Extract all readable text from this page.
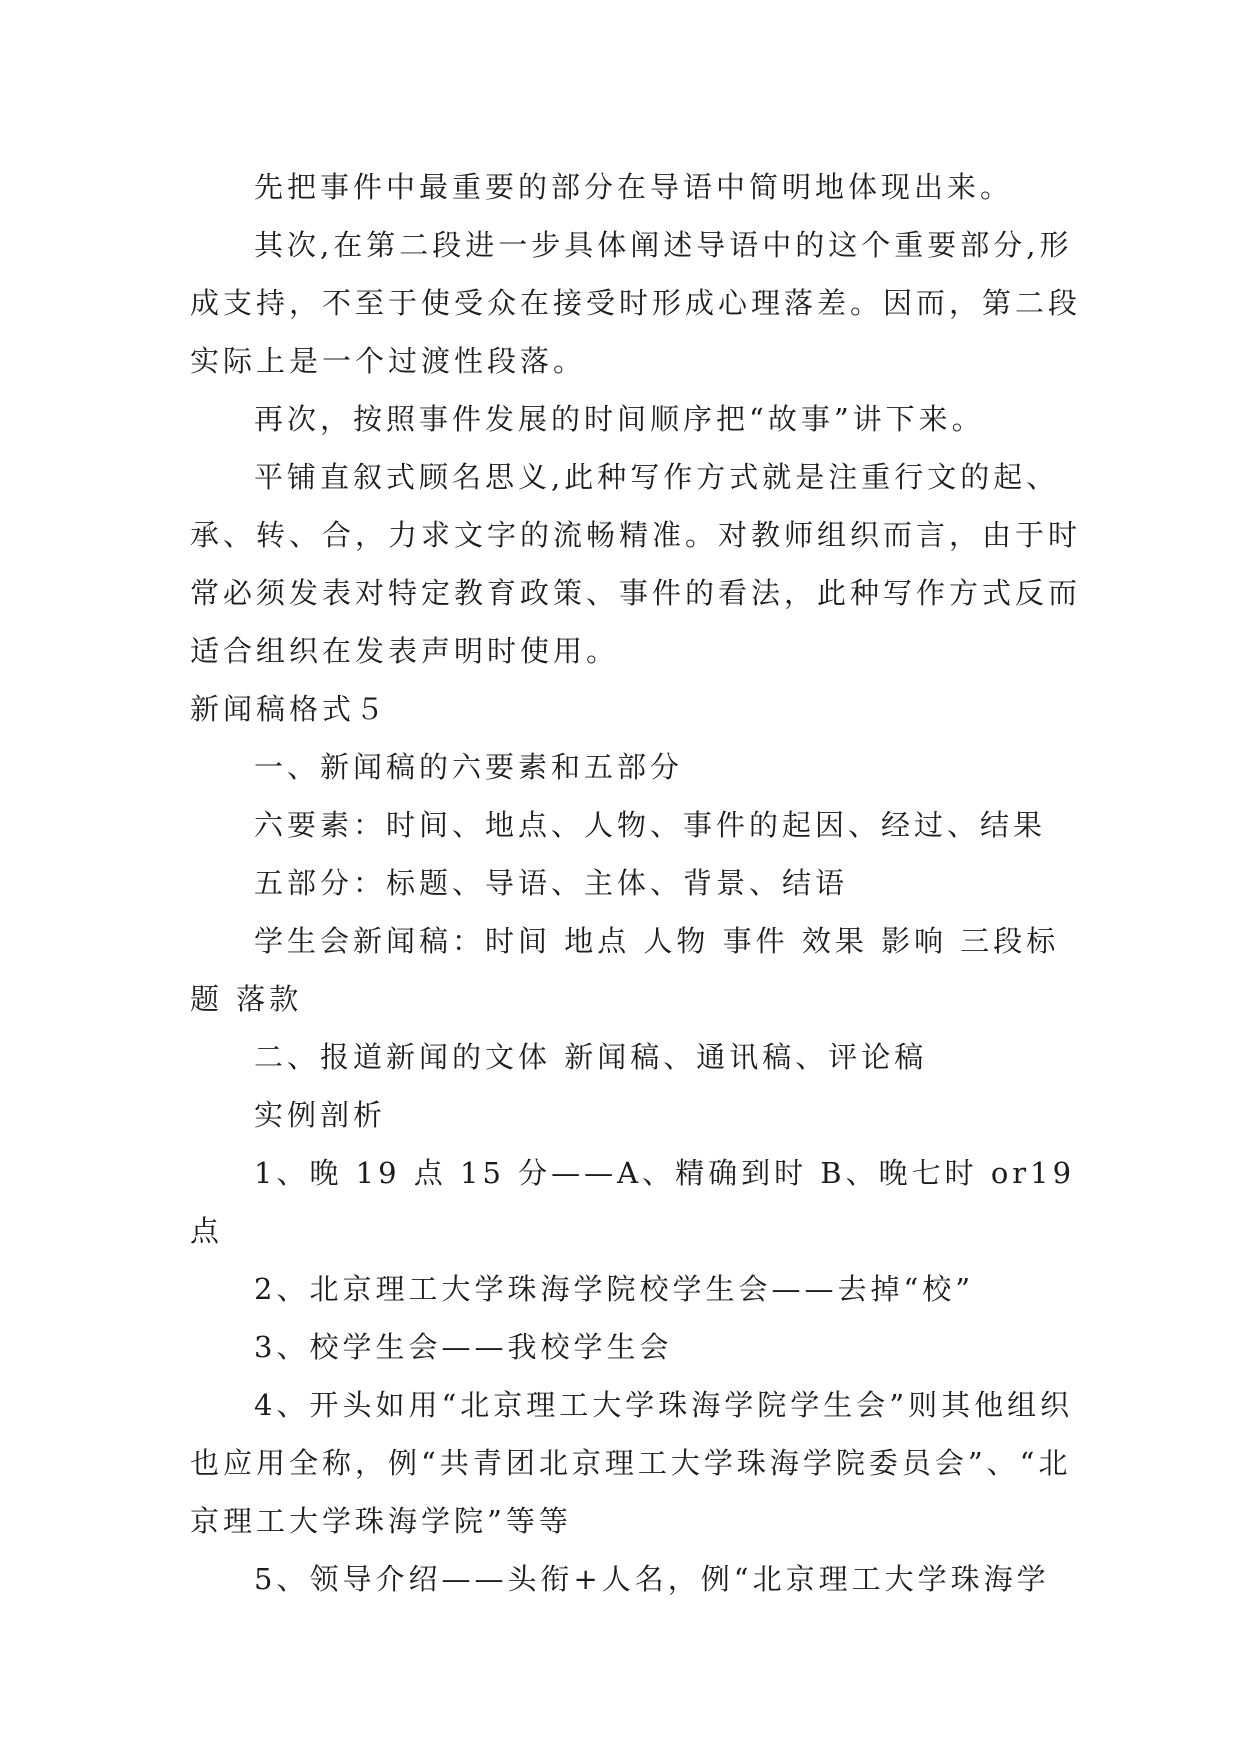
先把事件中最重要的部分在导语中简明地体现出来。

其次,在第二段进一步具体阐述导语中的这个重要部分,形成支持，不至于使受众在接受时形成心理落差。因而，第二段实际上是一个过渡性段落。

再次，按照事件发展的时间顺序把“故事”讲下来。

平铺直叙式顾名思义,此种写作方式就是注重行文的起、承、转、合，力求文字的流畅精准。对教师组织而言，由于时常必须发表对特定教育政策、事件的看法，此种写作方式反而适合组织在发表声明时使用。

新闻稿格式５

一、新闻稿的六要素和五部分

六要素：时间、地点、人物、事件的起因、经过、结果

五部分：标题、导语、主体、背景、结语

学生会新闻稿：时间 地点 人物 事件 效果 影响 三段标题 落款

二、报道新闻的文体 新闻稿、通讯稿、评论稿

实例剖析

1、晚 19 点 15 分——A、精确到时 B、晚七时 or19 点

2、北京理工大学珠海学院校学生会——去掉“校”

3、校学生会——我校学生会

4、开头如用“北京理工大学珠海学院学生会”则其他组织也应用全称，例“共青团北京理工大学珠海学院委员会”、“北京理工大学珠海学院”等等

5、领导介绍——头衔+人名，例“北京理工大学珠海学
